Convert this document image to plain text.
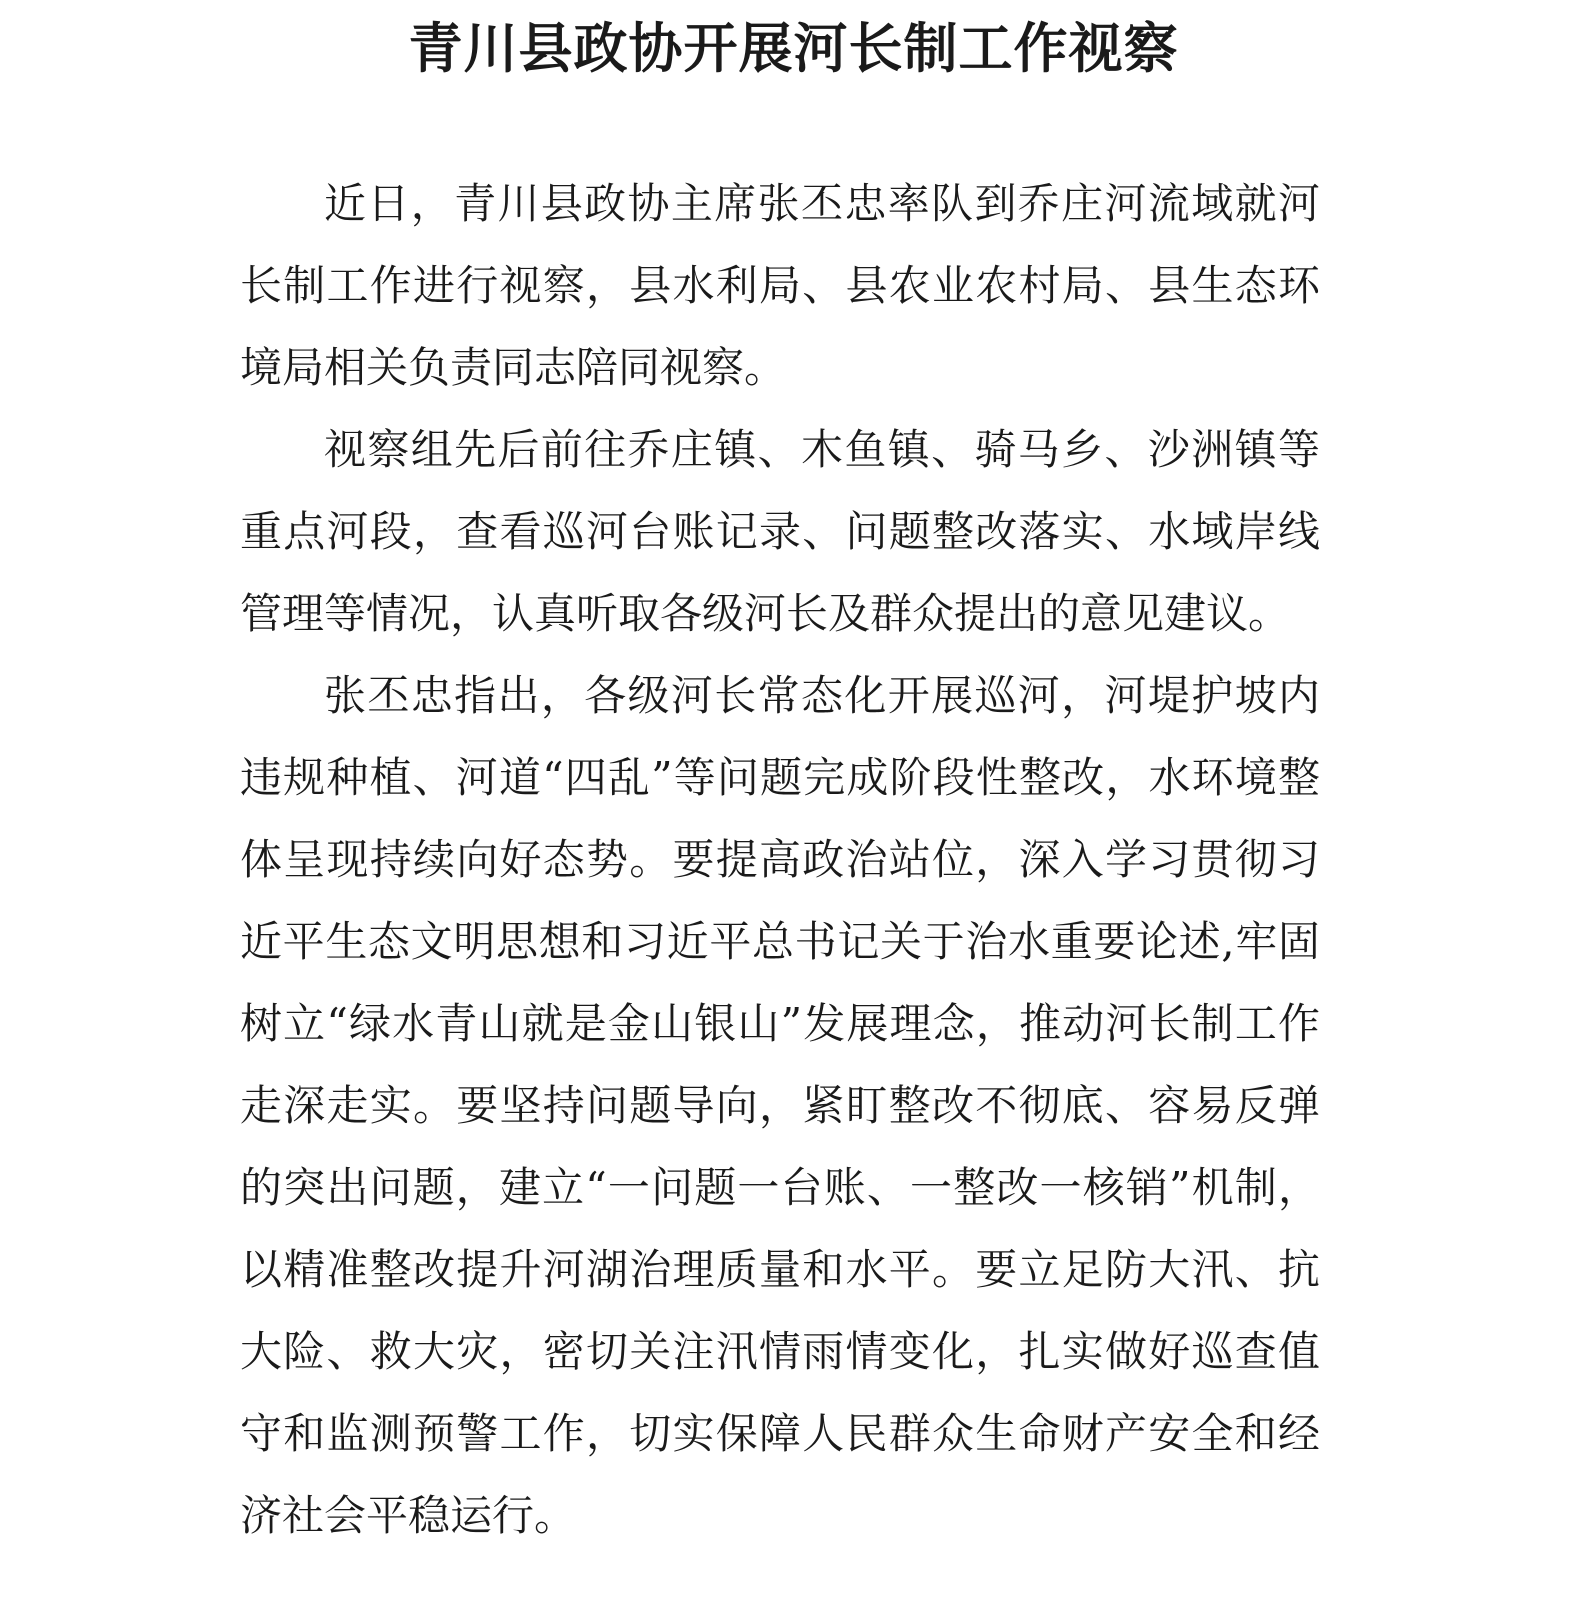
青川县政协开展河长制工作视察

近日，青川县政协主席张丕忠率队到乔庄河流域就河长制工作进行视察，县水利局、县农业农村局、县生态环境局相关负责同志陪同视察。

视察组先后前往乔庄镇、木鱼镇、骑马乡、沙洲镇等重点河段，查看巡河台账记录、问题整改落实、水域岸线管理等情况，认真听取各级河长及群众提出的意见建议。

张丕忠指出，各级河长常态化开展巡河，河堤护坡内违规种植、河道“四乱”等问题完成阶段性整改，水环境整体呈现持续向好态势。要提高政治站位，深入学习贯彻习近平生态文明思想和习近平总书记关于治水重要论述,牢固树立“绿水青山就是金山银山”发展理念，推动河长制工作走深走实。要坚持问题导向，紧盯整改不彻底、容易反弹的突出问题，建立“一问题一台账、一整改一核销”机制，以精准整改提升河湖治理质量和水平。要立足防大汛、抗大险、救大灾，密切关注汛情雨情变化，扎实做好巡查值守和监测预警工作，切实保障人民群众生命财产安全和经济社会平稳运行。
